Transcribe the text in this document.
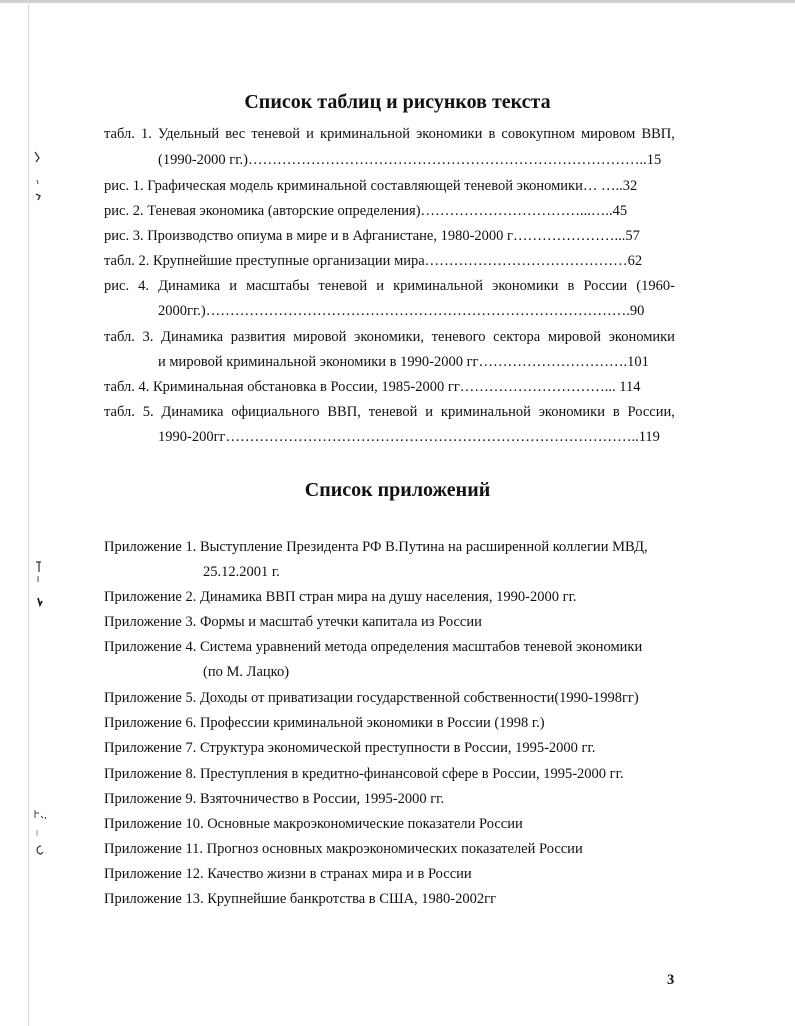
Список таблиц и рисунков текста

табл. 1. Удельный вес теневой и криминальной экономики в совокупном мировом ВВП,

(1990-2000 гг.)………………………………………………………………………..15

рис. 1. Графическая модель криминальной составляющей теневой экономики… …..32

рис. 2. Теневая экономика (авторские определения)……………………………...…..45

рис. 3. Производство опиума в мире и в Афганистане, 1980-2000 г…………………...57

табл. 2. Крупнейшие преступные организации мира……………………………………62

рис. 4. Динамика и масштабы теневой и криминальной экономики в России (1960-

2000гг.)…………………………………………………………………………….90

табл. 3. Динамика развития мировой экономики, теневого сектора мировой экономики

и мировой криминальной экономики в 1990-2000 гг………………………….101

табл. 4. Криминальная обстановка в России, 1985-2000 гг…………………………... 114

табл. 5. Динамика официального ВВП, теневой и криминальной экономики в России,

1990-200гг…………………………………………………………………………..119

Список приложений

Приложение 1. Выступление Президента РФ В.Путина на расширенной коллегии МВД,

25.12.2001 г.

Приложение 2. Динамика ВВП стран мира на душу населения, 1990-2000 гг.

Приложение 3. Формы и масштаб утечки капитала из России

Приложение 4. Система уравнений метода определения масштабов теневой экономики

(по М. Лацко)

Приложение 5. Доходы от приватизации государственной собственности(1990-1998гг)

Приложение 6. Профессии криминальной экономики в России (1998 г.)

Приложение 7. Структура экономической преступности в России, 1995-2000 гг.

Приложение 8. Преступления в кредитно-финансовой сфере в России, 1995-2000 гг.

Приложение 9. Взяточничество в России, 1995-2000 гг.

Приложение 10. Основные макроэкономические показатели России

Приложение 11. Прогноз основных макроэкономических показателей России

Приложение 12. Качество жизни в странах мира и в России

Приложение 13. Крупнейшие банкротства в США, 1980-2002гг

3
